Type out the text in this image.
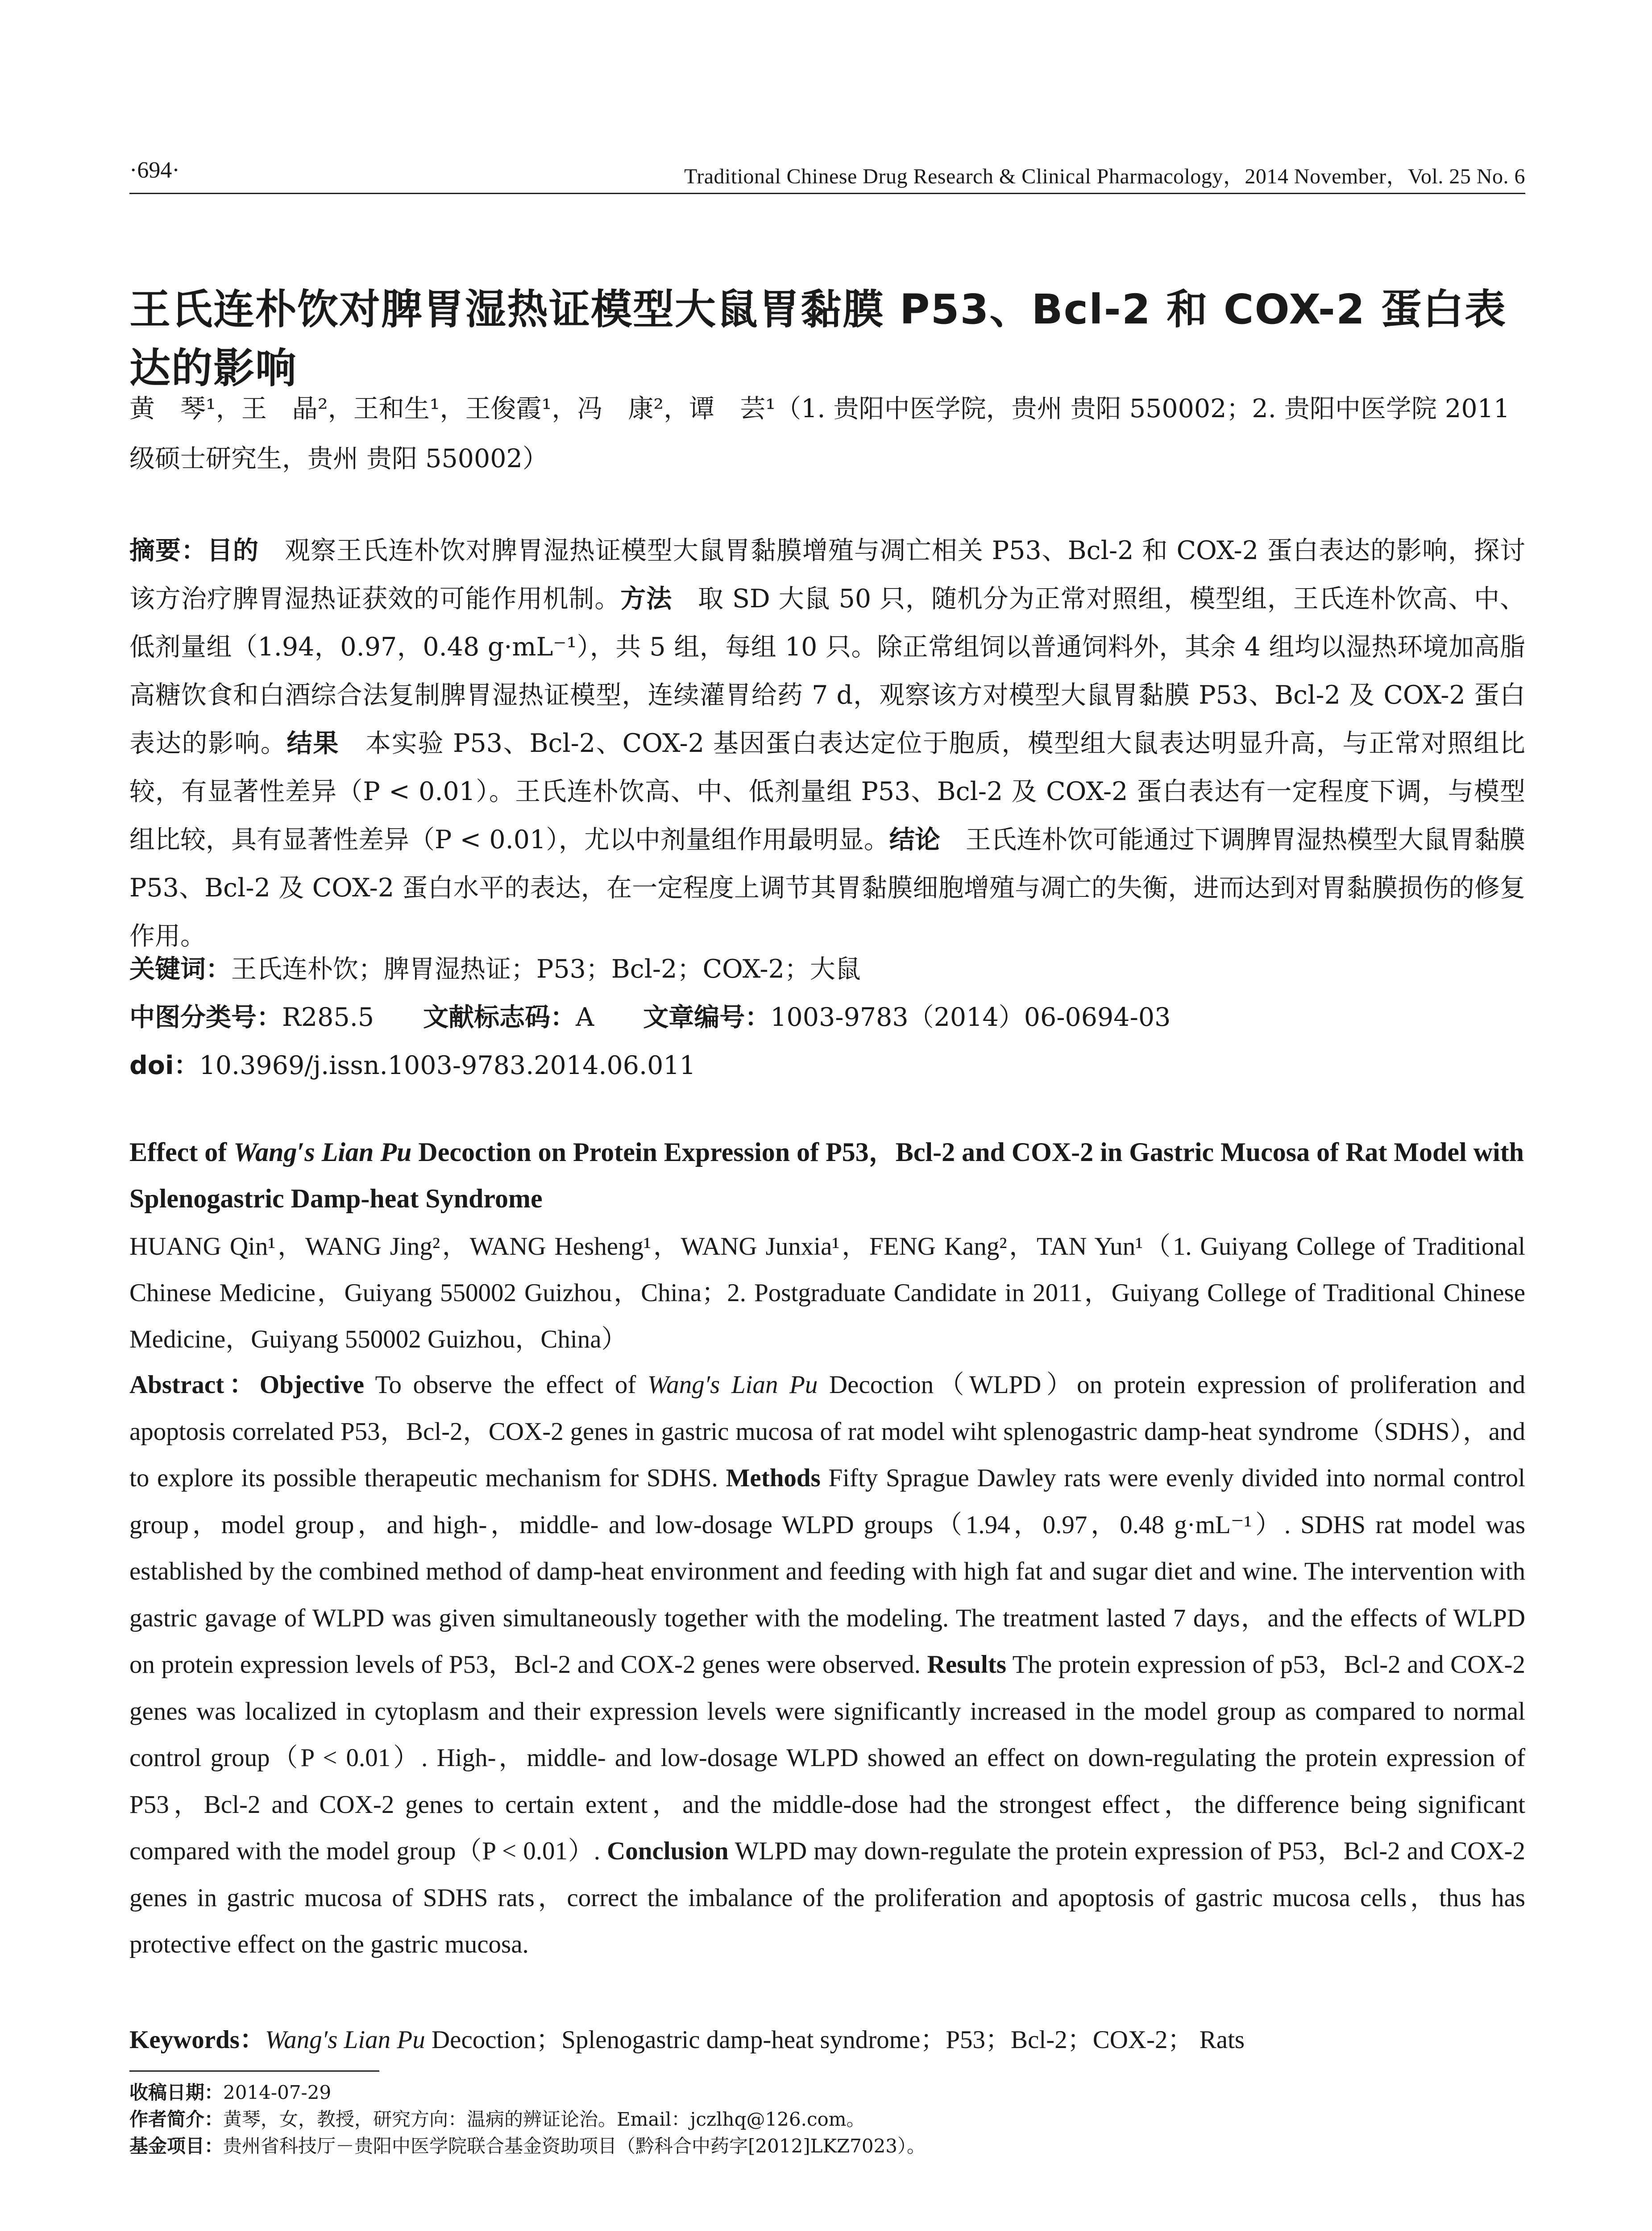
·694·	Traditional Chinese Drug Research & Clinical Pharmacology，2014 November，Vol. 25 No. 6
王氏连朴饮对脾胃湿热证模型大鼠胃黏膜 P53、Bcl-2 和 COX-2 蛋白表达的影响
黄　琴¹，王　晶²，王和生¹，王俊霞¹，冯　康²，谭　芸¹（1. 贵阳中医学院，贵州 贵阳 550002；2. 贵阳中医学院 2011 级硕士研究生，贵州 贵阳 550002）
摘要：目的　 观察王氏连朴饮对脾胃湿热证模型大鼠胃黏膜增殖与凋亡相关 P53、Bcl-2 和 COX-2 蛋白表达的影响，探讨该方治疗脾胃湿热证获效的可能作用机制。方法　 取 SD 大鼠 50 只，随机分为正常对照组，模型组，王氏连朴饮高、中、低剂量组（1.94，0.97，0.48 g·mL⁻¹），共 5 组，每组 10 只。除正常组饲以普通饲料外，其余 4 组均以湿热环境加高脂高糖饮食和白酒综合法复制脾胃湿热证模型，连续灌胃给药 7 d，观察该方对模型大鼠胃黏膜 P53、Bcl-2 及 COX-2 蛋白表达的影响。结果　 本实验 P53、Bcl-2、COX-2 基因蛋白表达定位于胞质，模型组大鼠表达明显升高，与正常对照组比较，有显著性差异（P < 0.01）。王氏连朴饮高、中、低剂量组 P53、Bcl-2 及 COX-2 蛋白表达有一定程度下调，与模型组比较，具有显著性差异（P < 0.01），尤以中剂量组作用最明显。结论　 王氏连朴饮可能通过下调脾胃湿热模型大鼠胃黏膜 P53、Bcl-2 及 COX-2 蛋白水平的表达，在一定程度上调节其胃黏膜细胞增殖与凋亡的失衡，进而达到对胃黏膜损伤的修复作用。
关键词：王氏连朴饮；脾胃湿热证；P53；Bcl-2；COX-2；大鼠
中图分类号：R285.5 文献标志码：A 文章编号：1003-9783（2014）06-0694-03
doi：10.3969/j.issn.1003-9783.2014.06.011
Effect of Wang′s Lian Pu Decoction on Protein Expression of P53，Bcl-2 and COX-2 in Gastric Mucosa of Rat Model with Splenogastric Damp-heat Syndrome
HUANG Qin¹，WANG Jing²，WANG Hesheng¹，WANG Junxia¹，FENG Kang²，TAN Yun¹（1. Guiyang College of Traditional Chinese Medicine，Guiyang 550002 Guizhou，China；2. Postgraduate Candidate in 2011，Guiyang College of Traditional Chinese Medicine，Guiyang 550002 Guizhou，China）
Abstract：Objective To observe the effect of Wang′s Lian Pu Decoction（WLPD）on protein expression of proliferation and apoptosis correlated P53，Bcl-2，COX-2 genes in gastric mucosa of rat model wiht splenogastric damp-heat syndrome（SDHS），and to explore its possible therapeutic mechanism for SDHS. Methods Fifty Sprague Dawley rats were evenly divided into normal control group，model group，and high-，middle- and low-dosage WLPD groups（1.94，0.97，0.48 g·mL⁻¹）. SDHS rat model was established by the combined method of damp-heat environment and feeding with high fat and sugar diet and wine. The intervention with gastric gavage of WLPD was given simultaneously together with the modeling. The treatment lasted 7 days，and the effects of WLPD on protein expression levels of P53，Bcl-2 and COX-2 genes were observed. Results The protein expression of p53，Bcl-2 and COX-2 genes was localized in cytoplasm and their expression levels were significantly increased in the model group as compared to normal control group（P < 0.01）. High-，middle- and low-dosage WLPD showed an effect on down-regulating the protein expression of P53，Bcl-2 and COX-2 genes to certain extent，and the middle-dose had the strongest effect，the difference being significant compared with the model group（P < 0.01）. Conclusion WLPD may down-regulate the protein expression of P53，Bcl-2 and COX-2 genes in gastric mucosa of SDHS rats，correct the imbalance of the proliferation and apoptosis of gastric mucosa cells，thus has protective effect on the gastric mucosa.
Keywords：Wang′s Lian Pu Decoction；Splenogastric damp-heat syndrome；P53；Bcl-2；COX-2； Rats
收稿日期：2014-07-29
作者简介：黄琴，女，教授，研究方向：温病的辨证论治。Email：jczlhq@126.com。
基金项目：贵州省科技厅－贵阳中医学院联合基金资助项目（黔科合中药字[2012]LKZ7023）。
